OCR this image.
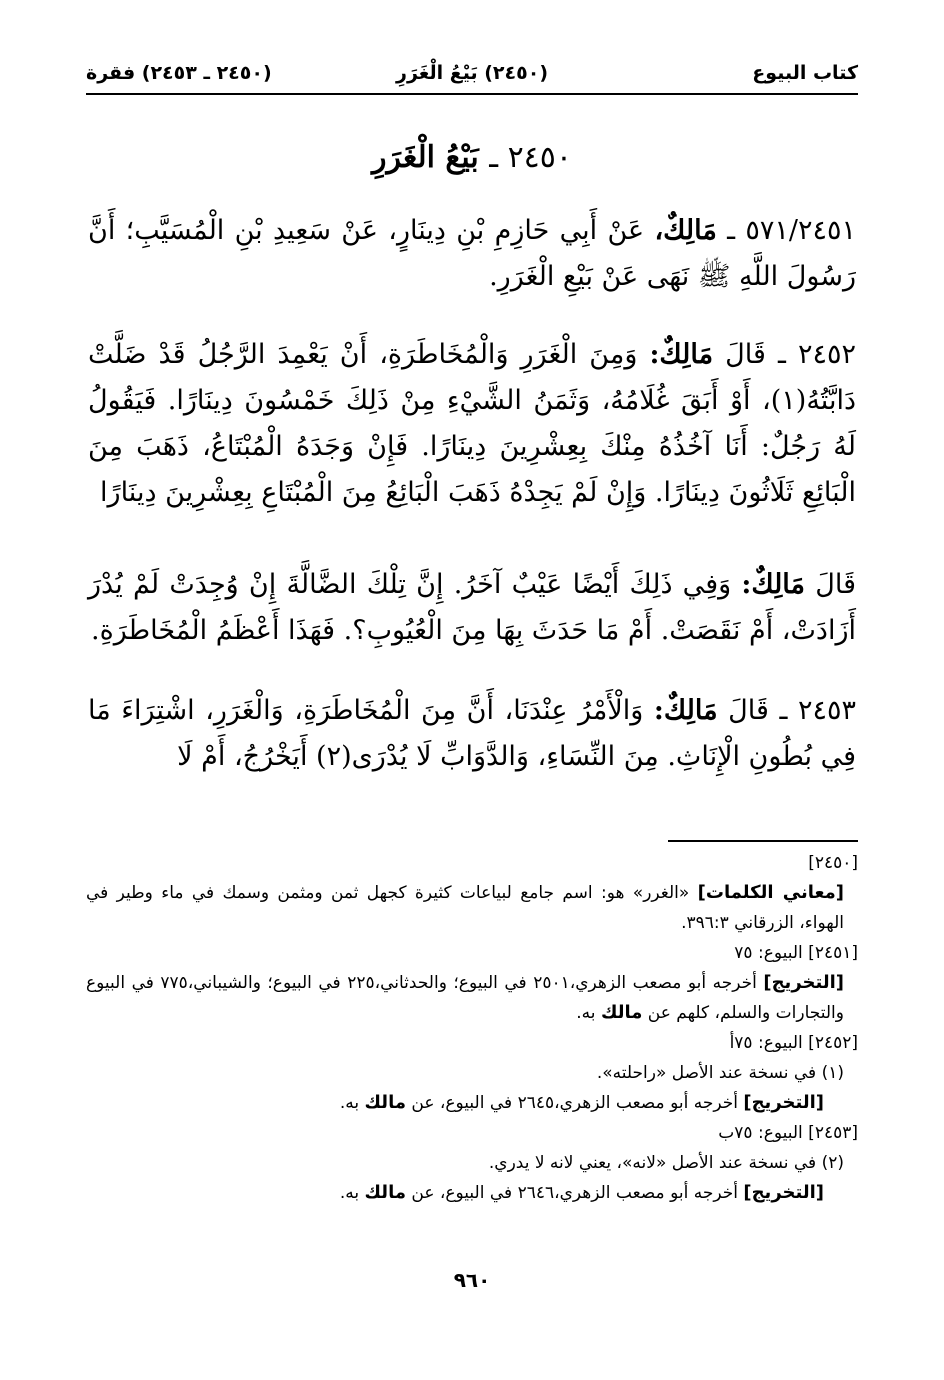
كتاب البيوع
(٢٤٥٠) بَيْعُ الْغَرَرِ
(٢٤٥٠ ـ ٢٤٥٣) فقرة
٢٤٥٠ ـ بَيْعُ الْغَرَرِ
٥٧١/٢٤٥١ ـ مَالِكٌ، عَنْ أَبِي حَازِمِ بْنِ دِينَارٍ، عَنْ سَعِيدِ بْنِ الْمُسَيَّبِ؛ أَنَّ رَسُولَ اللَّهِ ﷺ نَهَى عَنْ بَيْعِ الْغَرَرِ.
٢٤٥٢ ـ قَالَ مَالِكٌ: وَمِنَ الْغَرَرِ وَالْمُخَاطَرَةِ، أَنْ يَعْمِدَ الرَّجُلُ قَدْ ضَلَّتْ دَابَّتُهُ(١)، أَوْ أَبَقَ غُلَامُهُ، وَثَمَنُ الشَّيْءِ مِنْ ذَلِكَ خَمْسُونَ دِينَارًا. فَيَقُولُ لَهُ رَجُلٌ: أَنَا آخُذُهُ مِنْكَ بِعِشْرِينَ دِينَارًا. فَإِنْ وَجَدَهُ الْمُبْتَاعُ، ذَهَبَ مِنَ الْبَائِعِ ثَلَاثُونَ دِينَارًا. وَإِنْ لَمْ يَجِدْهُ ذَهَبَ الْبَائِعُ مِنَ الْمُبْتَاعِ بِعِشْرِينَ دِينَارًا
قَالَ مَالِكٌ: وَفِي ذَلِكَ أَيْضًا عَيْبٌ آخَرُ. إِنَّ تِلْكَ الضَّالَّةَ إِنْ وُجِدَتْ لَمْ يُدْرَ أَزَادَتْ، أَمْ نَقَصَتْ. أَمْ مَا حَدَثَ بِهَا مِنَ الْعُيُوبِ؟. فَهَذَا أَعْظَمُ الْمُخَاطَرَةِ.
٢٤٥٣ ـ قَالَ مَالِكٌ: وَالْأَمْرُ عِنْدَنَا، أَنَّ مِنَ الْمُخَاطَرَةِ، وَالْغَرَرِ، اشْتِرَاءَ مَا فِي بُطُونِ الْإِنَاثِ. مِنَ النِّسَاءِ، وَالدَّوَابِّ لَا يُدْرَى(٢) أَيَخْرُجُ، أَمْ لَا

[٢٤٥٠]

[معاني الكلمات] «الغرر» هو: اسم جامع لبياعات كثيرة كجهل ثمن ومثمن وسمك في ماء وطير في الهواء، الزرقاني ٣٩٦:٣.

[٢٤٥١] البيوع: ٧٥

[التخريج] أخرجه أبو مصعب الزهري،٢٥٠١ في البيوع؛ والحدثاني،٢٢٥ في البيوع؛ والشيباني،٧٧٥ في البيوع والتجارات والسلم، كلهم عن مالك به.

[٢٤٥٢] البيوع: ٧٥أ

(١) في نسخة عند الأصل «راحلته».

[التخريج] أخرجه أبو مصعب الزهري،٢٦٤٥ في البيوع، عن مالك به.

[٢٤٥٣] البيوع: ٧٥ب

(٢) في نسخة عند الأصل «لانه»، يعني لانه لا يدري.

[التخريج] أخرجه أبو مصعب الزهري،٢٦٤٦ في البيوع، عن مالك به.

٩٦٠
